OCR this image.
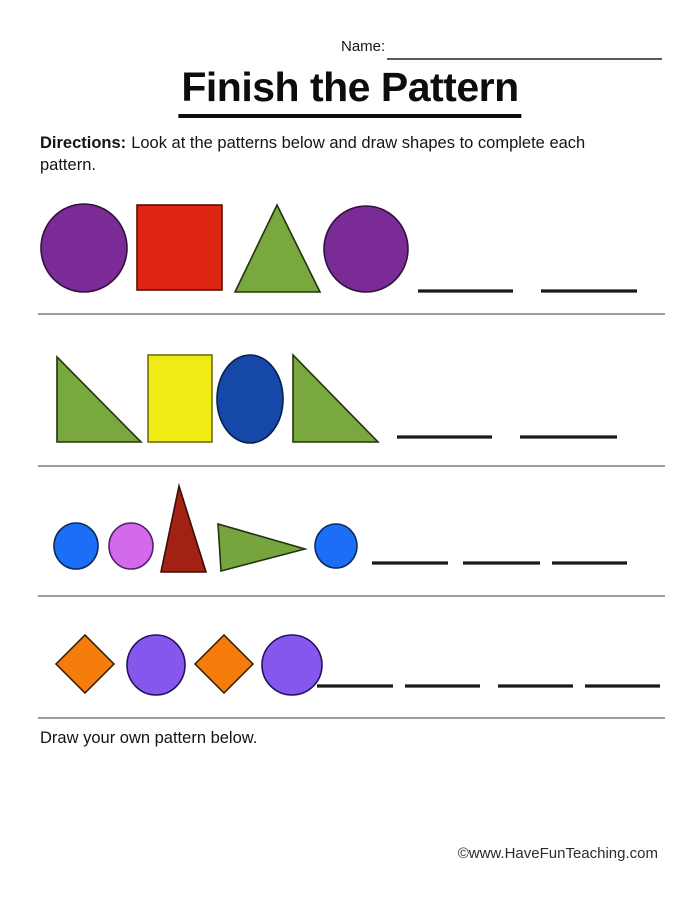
Name:
Finish the Pattern
Directions: Look at the patterns below and draw shapes to complete each pattern.
Draw your own pattern below.
©www.HaveFunTeaching.com
